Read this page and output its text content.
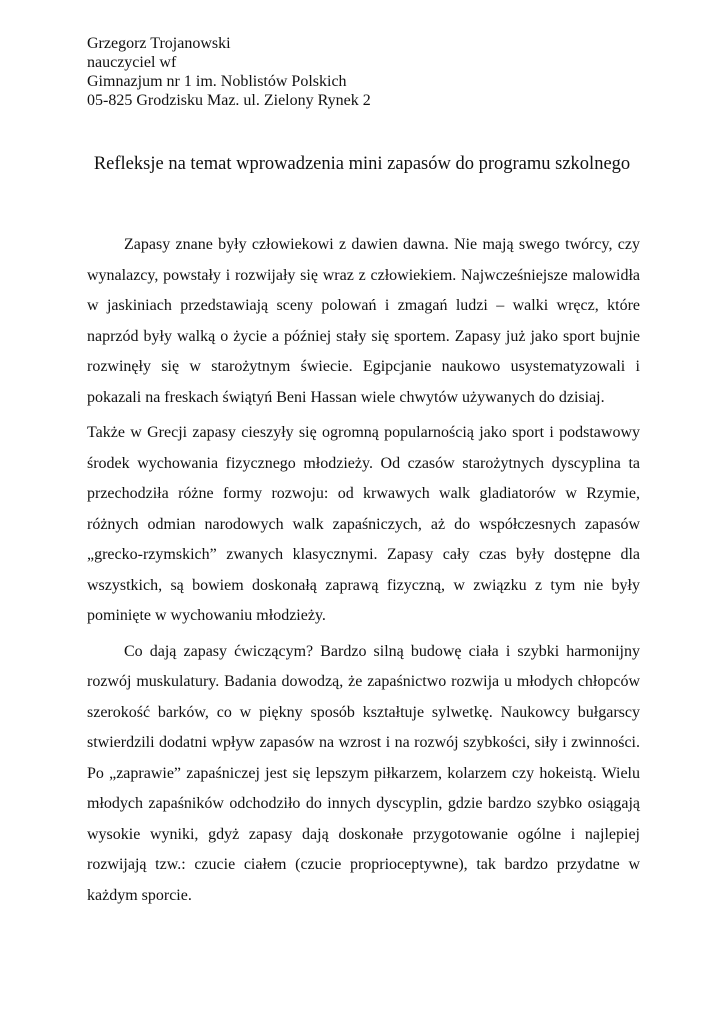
Grzegorz Trojanowski
nauczyciel wf
Gimnazjum nr 1 im. Noblistów Polskich
05-825 Grodzisku Maz. ul. Zielony Rynek 2
Refleksje na temat wprowadzenia mini zapasów do programu szkolnego

Zapasy znane były człowiekowi z dawien dawna. Nie mają swego twórcy, czy wynalazcy, powstały i rozwijały się wraz z człowiekiem. Najwcześniejsze malowidła w jaskiniach przedstawiają sceny polowań i zmagań ludzi – walki wręcz, które naprzód były walką o życie a później stały się sportem. Zapasy już jako sport bujnie rozwinęły się w starożytnym świecie. Egipcjanie naukowo usystematyzowali i pokazali na freskach świątyń Beni Hassan wiele chwytów używanych do dzisiaj.

Także w Grecji zapasy cieszyły się ogromną popularnością jako sport i podstawowy środek wychowania fizycznego młodzieży. Od czasów starożytnych dyscyplina ta przechodziła różne formy rozwoju: od krwawych walk gladiatorów w Rzymie, różnych odmian narodowych walk zapaśniczych, aż do współczesnych zapasów „grecko-rzymskich” zwanych klasycznymi. Zapasy cały czas były dostępne dla wszystkich, są bowiem doskonałą zaprawą fizyczną, w związku z tym nie były pominięte w wychowaniu młodzieży.

Co dają zapasy ćwiczącym? Bardzo silną budowę ciała i szybki harmonijny rozwój muskulatury. Badania dowodzą, że zapaśnictwo rozwija u młodych chłopców szerokość barków, co w piękny sposób kształtuje sylwetkę. Naukowcy bułgarscy stwierdzili dodatni wpływ zapasów na wzrost i na rozwój szybkości, siły i zwinności. Po „zaprawie” zapaśniczej jest się lepszym piłkarzem, kolarzem czy hokeistą. Wielu młodych zapaśników odchodziło do innych dyscyplin, gdzie bardzo szybko osiągają wysokie wyniki, gdyż zapasy dają doskonałe przygotowanie ogólne i najlepiej rozwijają tzw.: czucie ciałem (czucie proprioceptywne), tak bardzo przydatne w każdym sporcie.
